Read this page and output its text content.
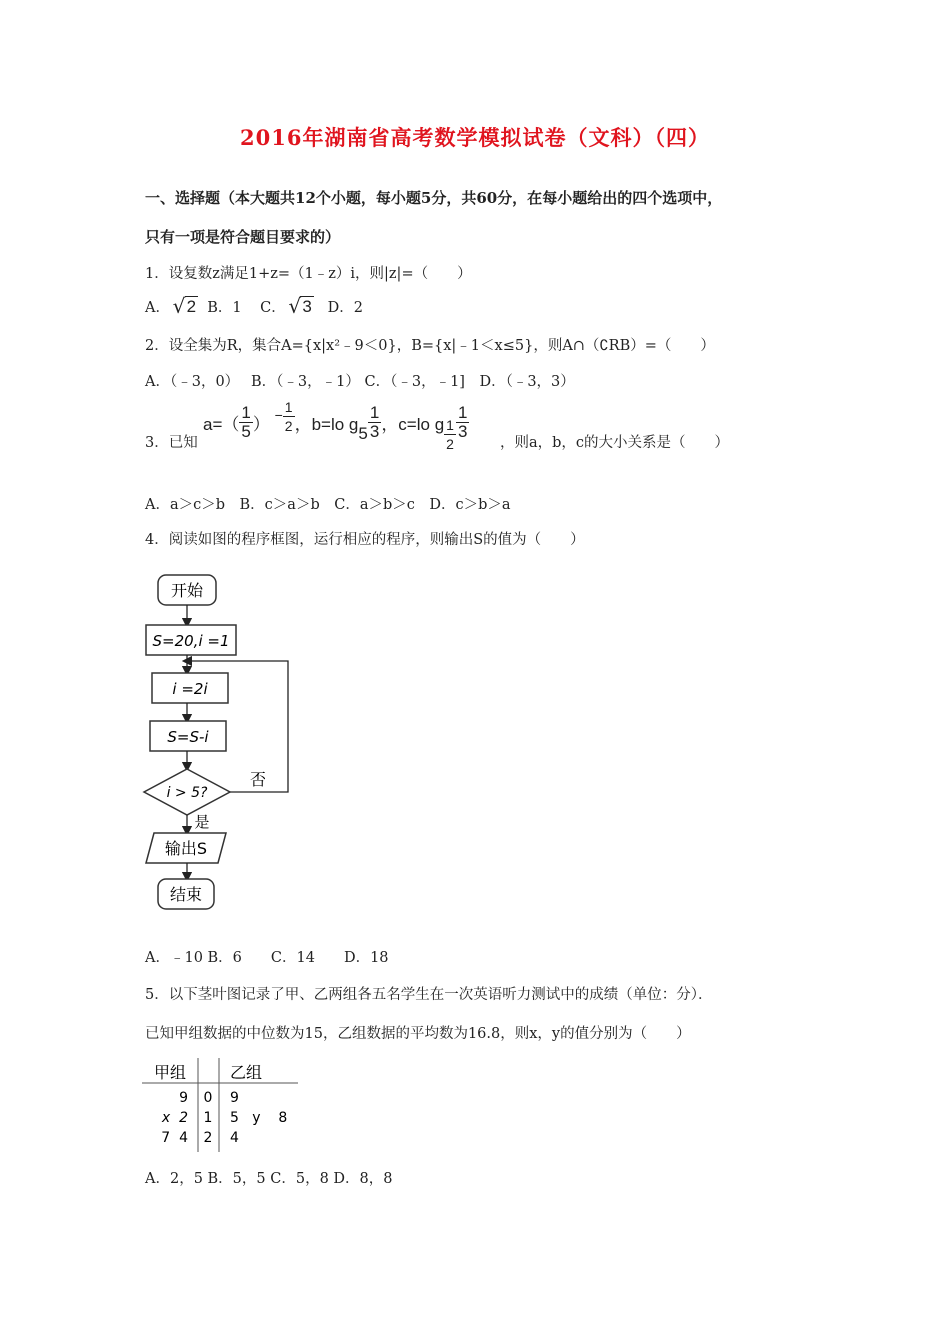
2016年湖南省高考数学模拟试卷（文科）（四）
一、选择题（本大题共12个小题，每小题5分，共60分，在每小题给出的四个选项中，
只有一项是符合题目要求的）
1．设复数z满足1+z=（1﹣z）i，则|z|=（　　）
A． √ 2 B．1 C． √ 3 D．2
2．设全集为R，集合A={x|x²﹣9＜0}，B={x|﹣1＜x≤5}，则A∩（∁RB）=（　　）
A．（﹣3，0）　 B．（﹣3，﹣1） C．（﹣3，﹣1]　D．（﹣3，3）
3．已知
$a=( \frac{1}{5}$ ） − $\frac{1}{2}$ ，b=lo $g5 \frac{1}{3}$ ，c=lo g $\frac{1}{2} \frac{1}{3}$
，则a，b，c的大小关系是（　　）
A．a＞c＞b　B．c＞a＞b　C．a＞b＞c　D．c＞b＞a
4．阅读如图的程序框图，运行相应的程序，则输出S的值为（　　）
开始
S=20,i =1
i =2i
S=S-i
i > 5?
否
是
输出S
结束
A．﹣10 B．6　　C．14　　D．18
5．以下茎叶图记录了甲、乙两组各五名学生在一次英语听力测试中的成绩（单位：分）．
已知甲组数据的中位数为15，乙组数据的平均数为16.8，则x，y的值分别为（　　）
甲组	乙组
9 0 9
x  2 1 5   y    8
7  4 2 4
A．2，5 B．5，5 C．5，8 D．8，8
